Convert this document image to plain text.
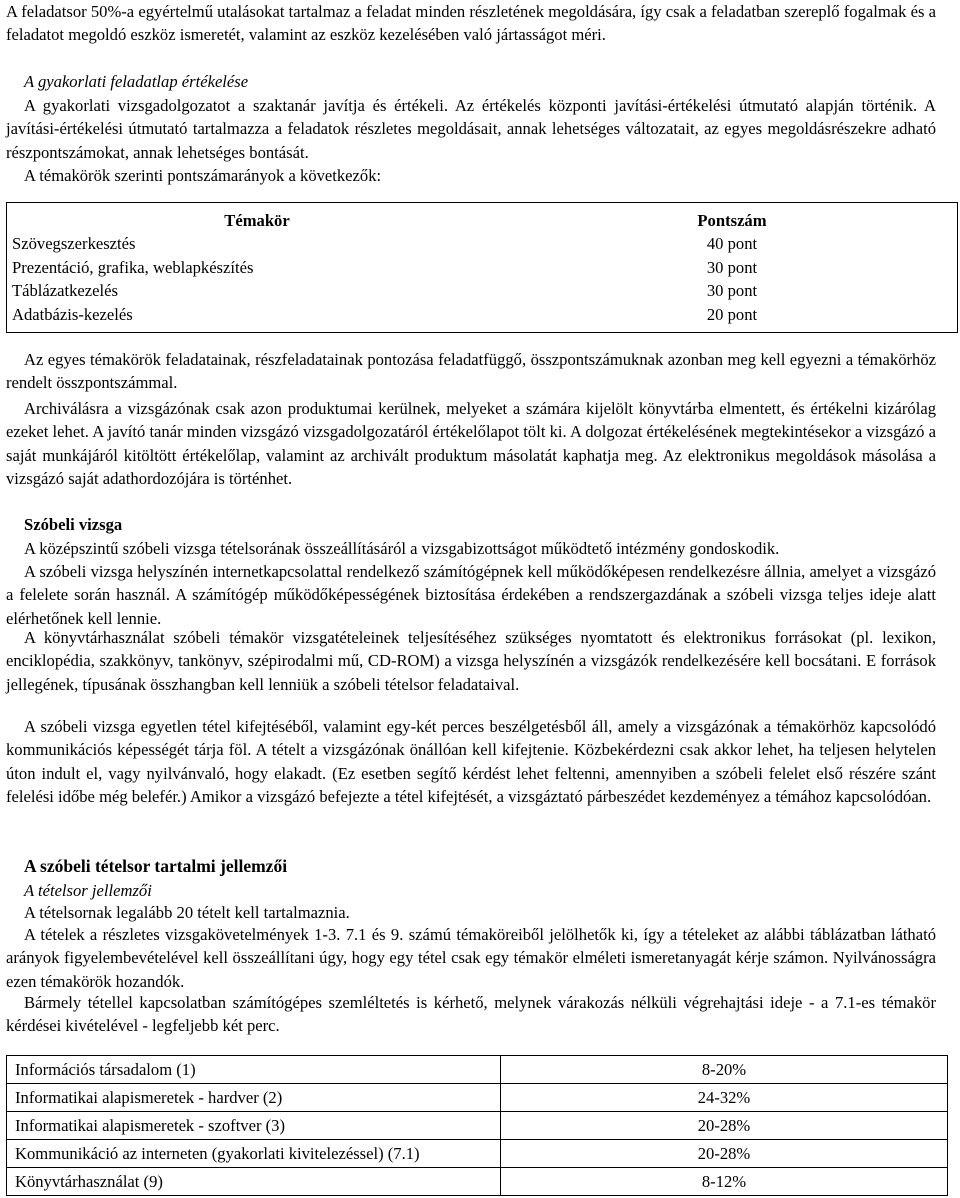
A feladatsor 50%-a egyértelmű utalásokat tartalmaz a feladat minden részletének megoldására, így csak a feladatban szereplő fogalmak és a feladatot megoldó eszköz ismeretét, valamint az eszköz kezelésében való jártasságot méri.
A gyakorlati feladatlap értékelése
A gyakorlati vizsgadolgozatot a szaktanár javítja és értékeli. Az értékelés központi javítási-értékelési útmutató alapján történik. A javítási-értékelési útmutató tartalmazza a feladatok részletes megoldásait, annak lehetséges változatait, az egyes megoldásrészekre adható részpontszámokat, annak lehetséges bontását.
A témakörök szerinti pontszámarányok a következők:
Témakör	Pontszám
Szövegszerkesztés	40 pont
Prezentáció, grafika, weblapkészítés	30 pont
Táblázatkezelés	30 pont
Adatbázis-kezelés	20 pont
Az egyes témakörök feladatainak, részfeladatainak pontozása feladatfüggő, összpontszámuknak azonban meg kell egyezni a témakörhöz rendelt összpontszámmal.
Archiválásra a vizsgázónak csak azon produktumai kerülnek, melyeket a számára kijelölt könyvtárba elmentett, és értékelni kizárólag ezeket lehet. A javító tanár minden vizsgázó vizsgadolgozatáról értékelőlapot tölt ki. A dolgozat értékelésének megtekintésekor a vizsgázó a saját munkájáról kitöltött értékelőlap, valamint az archivált produktum másolatát kaphatja meg. Az elektronikus megoldások másolása a vizsgázó saját adathordozójára is történhet.
Szóbeli vizsga
A középszintű szóbeli vizsga tételsorának összeállításáról a vizsgabizottságot működtető intézmény gondoskodik.
A szóbeli vizsga helyszínén internetkapcsolattal rendelkező számítógépnek kell működőképesen rendelkezésre állnia, amelyet a vizsgázó a felelete során használ. A számítógép működőképességének biztosítása érdekében a rendszergazdának a szóbeli vizsga teljes ideje alatt elérhetőnek kell lennie.
A könyvtárhasználat szóbeli témakör vizsgatételeinek teljesítéséhez szükséges nyomtatott és elektronikus forrásokat (pl. lexikon, enciklopédia, szakkönyv, tankönyv, szépirodalmi mű, CD-ROM) a vizsga helyszínén a vizsgázók rendelkezésére kell bocsátani. E források jellegének, típusának összhangban kell lenniük a szóbeli tételsor feladataival.
A szóbeli vizsga egyetlen tétel kifejtéséből, valamint egy-két perces beszélgetésből áll, amely a vizsgázónak a témakörhöz kapcsolódó kommunikációs képességét tárja föl. A tételt a vizsgázónak önállóan kell kifejtenie. Közbekérdezni csak akkor lehet, ha teljesen helytelen úton indult el, vagy nyilvánvaló, hogy elakadt. (Ez esetben segítő kérdést lehet feltenni, amennyiben a szóbeli felelet első részére szánt felelési időbe még belefér.) Amikor a vizsgázó befejezte a tétel kifejtését, a vizsgáztató párbeszédet kezdeményez a témához kapcsolódóan.
A szóbeli tételsor tartalmi jellemzői
A tételsor jellemzői
A tételsornak legalább 20 tételt kell tartalmaznia.
A tételek a részletes vizsgakövetelmények 1-3. 7.1 és 9. számú témaköreiből jelölhetők ki, így a tételeket az alábbi táblázatban látható arányok figyelembevételével kell összeállítani úgy, hogy egy tétel csak egy témakör elméleti ismeretanyagát kérje számon. Nyilvánosságra ezen témakörök hozandók.
Bármely tétellel kapcsolatban számítógépes szemléltetés is kérhető, melynek várakozás nélküli végrehajtási ideje - a 7.1-es témakör kérdései kivételével - legfeljebb két perc.
Információs társadalom (1)	8-20%
Informatikai alapismeretek - hardver (2)	24-32%
Informatikai alapismeretek - szoftver (3)	20-28%
Kommunikáció az interneten (gyakorlati kivitelezéssel) (7.1)	20-28%
Könyvtárhasználat (9)	8-12%
